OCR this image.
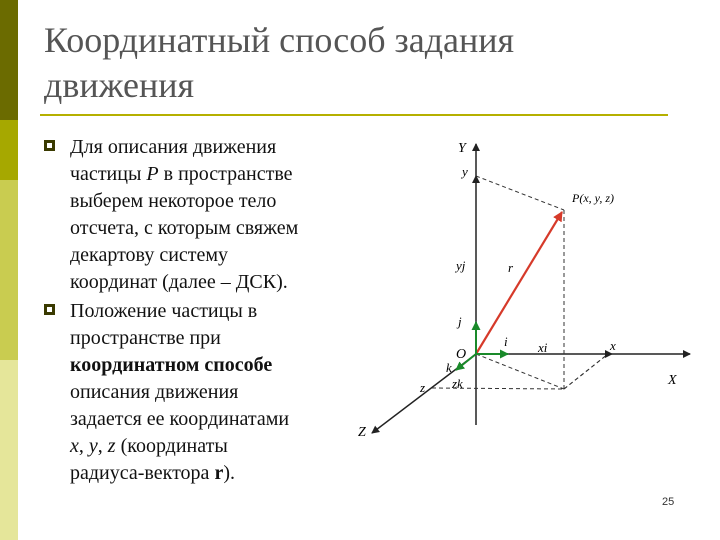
Координатный способ задания
движения
Для описания движения
частицы P в пространстве
выберем некоторое тело
отсчета, с которым свяжем
декартову систему
координат (далее – ДСК).
Положение частицы в
пространстве при
координатном способе
описания движения
задается ее координатами
x, y, z (координаты
радиуса-вектора r).
Y
y
P(x, y, z)
yj	r
j
i xi	x
X
O
k
zk
z
Z
25
